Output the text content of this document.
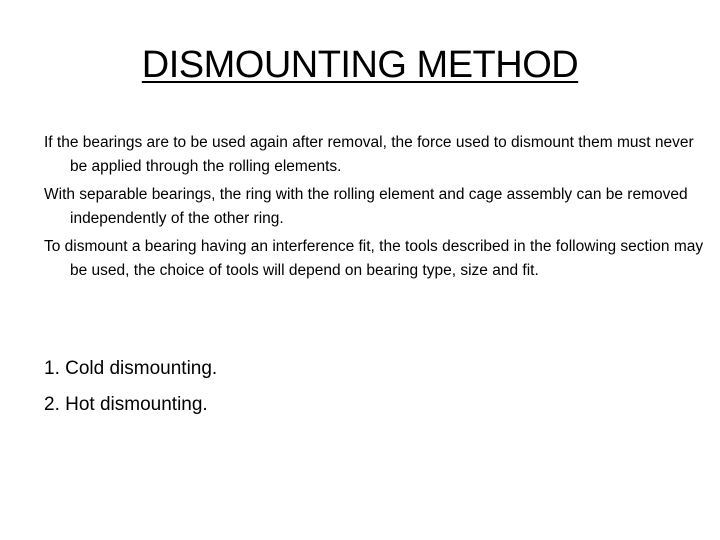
DISMOUNTING METHOD
If the bearings are to be used again after removal, the force used to dismount them must never be applied through the rolling elements.
With separable bearings, the ring with the rolling element and cage assembly can be removed independently of the other ring.
To dismount a bearing having an interference fit, the tools described in the following section may be used, the choice of tools will depend on bearing type, size and fit.
1. Cold dismounting.
2. Hot dismounting.
